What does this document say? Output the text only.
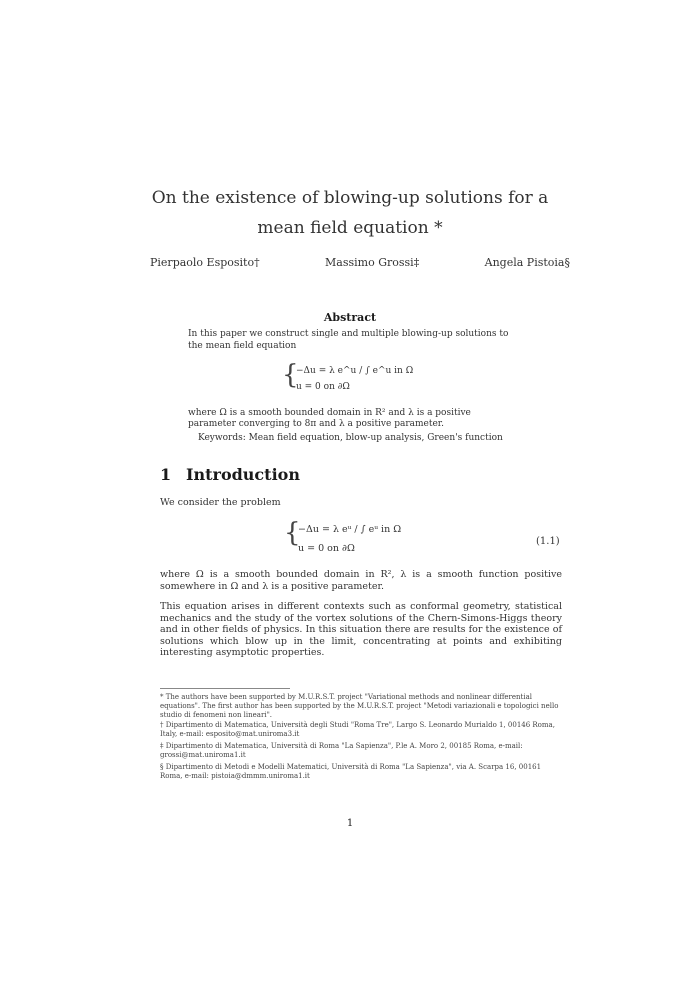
On the existence of blowing-up solutions for a
mean field equation *
Pierpaolo Esposito†	Massimo Grossi‡	Angela Pistoia§
Abstract
In this paper we construct single and multiple blowing-up solutions to
the mean field equation
{
−Δu = λ e^u / ∫ e^u in Ω
u = 0 on ∂Ω
where Ω is a smooth bounded domain in R² and λ is a positive
parameter converging to 8π and λ a positive parameter.
Keywords: Mean field equation, blow-up analysis, Green's function
1 Introduction
We consider the problem
{
−Δu = λ eᵘ / ∫ eᵘ in Ω
u = 0 on ∂Ω
(1.1)
where Ω is a smooth bounded domain in R², λ is a smooth function positive somewhere in Ω and λ is a positive parameter.
This equation arises in different contexts such as conformal geometry, statistical mechanics and the study of the vortex solutions of the Chern-Simons-Higgs theory and in other fields of physics. In this situation there are results for the existence of solutions which blow up in the limit, concentrating at points and exhibiting interesting asymptotic properties.
* The authors have been supported by M.U.R.S.T. project "Variational methods and nonlinear differential equations". The first author has been supported by the M.U.R.S.T. project "Metodi variazionali e topologici nello studio di fenomeni non lineari".
† Dipartimento di Matematica, Università degli Studi "Roma Tre", Largo S. Leonardo Murialdo 1, 00146 Roma, Italy, e-mail: esposito@mat.uniroma3.it
‡ Dipartimento di Matematica, Università di Roma "La Sapienza", P.le A. Moro 2, 00185 Roma, e-mail: grossi@mat.uniroma1.it
§ Dipartimento di Metodi e Modelli Matematici, Università di Roma "La Sapienza", via A. Scarpa 16, 00161 Roma, e-mail: pistoia@dmmm.uniroma1.it
1
